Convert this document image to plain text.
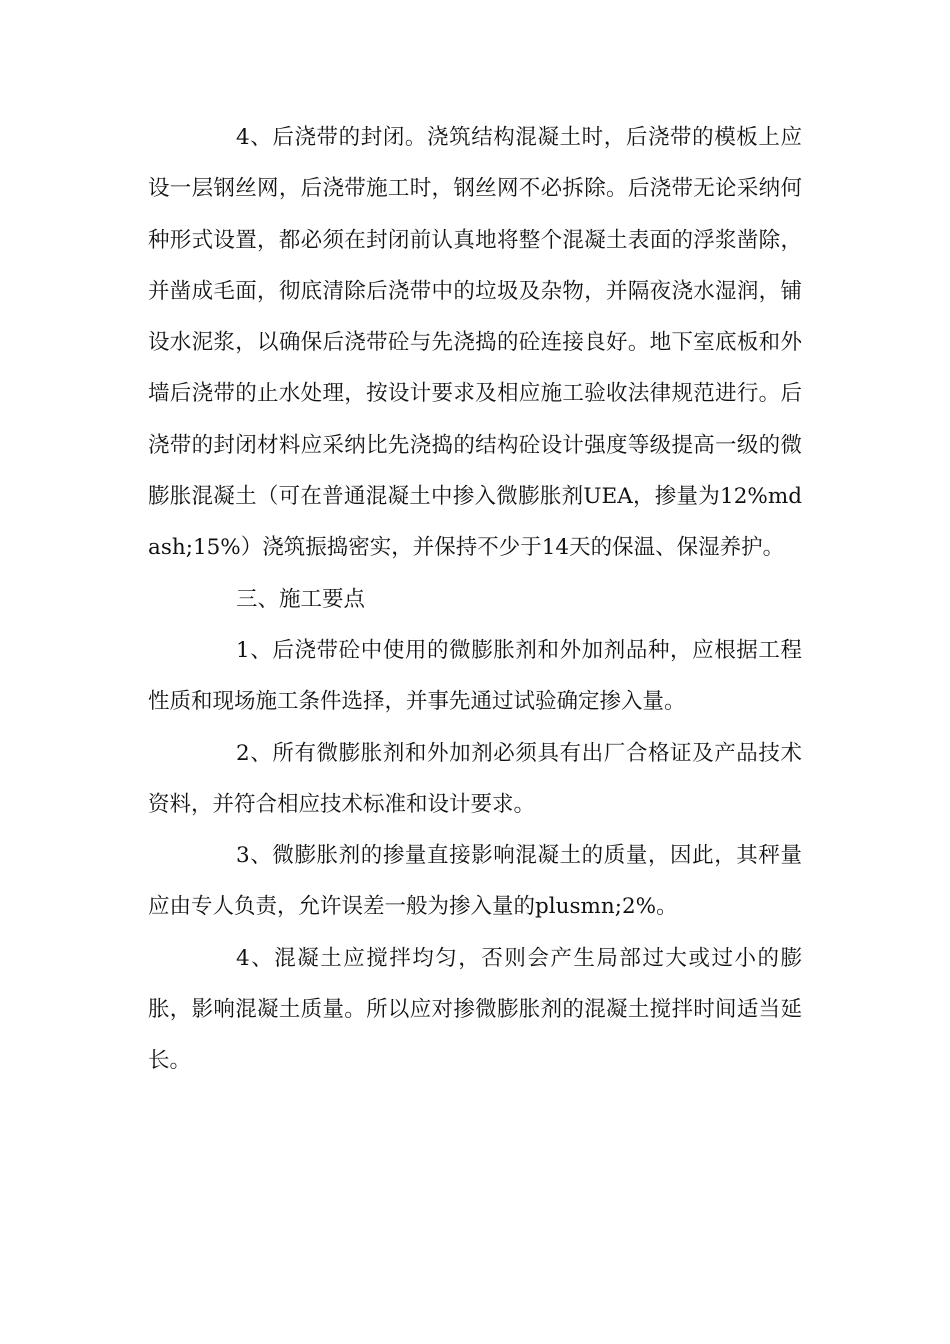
4、后浇带的封闭。浇筑结构混凝土时，后浇带的模板上应设一层钢丝网，后浇带施工时，钢丝网不必拆除。后浇带无论采纳何种形式设置，都必须在封闭前认真地将整个混凝土表面的浮浆凿除，并凿成毛面，彻底清除后浇带中的垃圾及杂物，并隔夜浇水湿润，铺设水泥浆，以确保后浇带砼与先浇捣的砼连接良好。地下室底板和外墙后浇带的止水处理，按设计要求及相应施工验收法律规范进行。后浇带的封闭材料应采纳比先浇捣的结构砼设计强度等级提高一级的微膨胀混凝土（可在普通混凝土中掺入微膨胀剂UEA，掺量为12%mdash;15%）浇筑振捣密实，并保持不少于14天的保温、保湿养护。

三、施工要点

1、后浇带砼中使用的微膨胀剂和外加剂品种，应根据工程性质和现场施工条件选择，并事先通过试验确定掺入量。

2、所有微膨胀剂和外加剂必须具有出厂合格证及产品技术资料，并符合相应技术标准和设计要求。

3、微膨胀剂的掺量直接影响混凝土的质量，因此，其秤量应由专人负责，允许误差一般为掺入量的plusmn;2%。

4、混凝土应搅拌均匀，否则会产生局部过大或过小的膨胀，影响混凝土质量。所以应对掺微膨胀剂的混凝土搅拌时间适当延长。
